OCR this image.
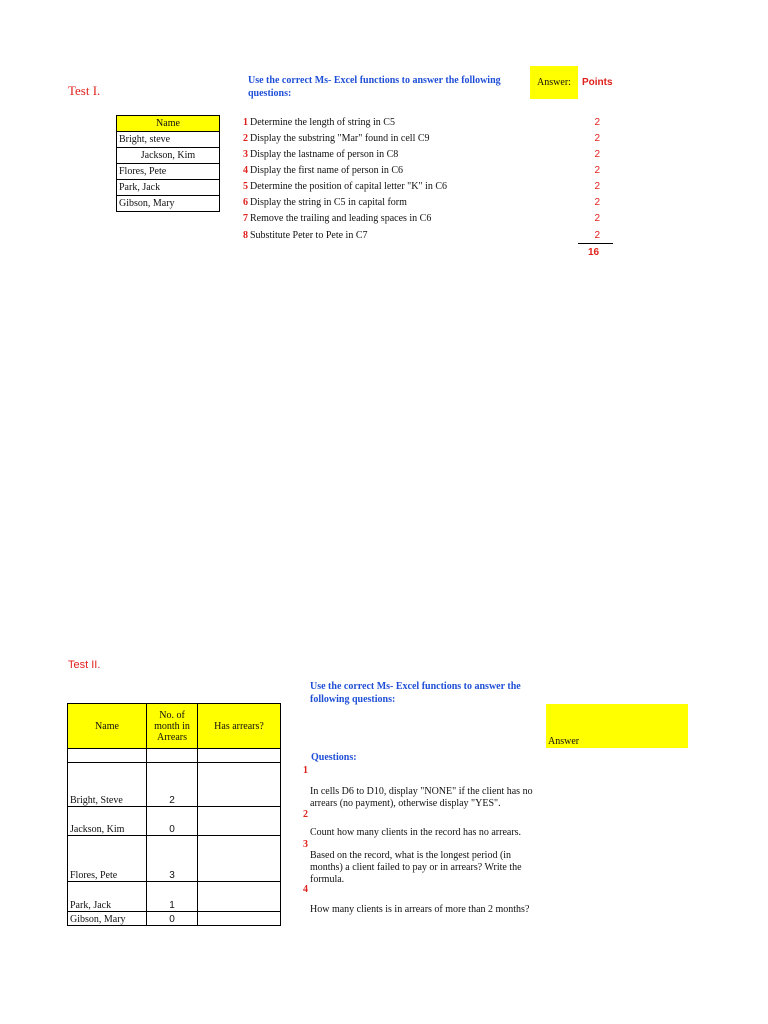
Test I.
Use the correct Ms- Excel functions to answer the following questions:
Answer:	Points
Name
Bright, steve
Jackson, Kim
Flores, Pete
Park, Jack
Gibson, Mary
1 Determine the length of string in C5	2
2 Display the substring "Mar" found in cell C9	2
3 Display the lastname of person in C8	2
4 Display the first name of person in C6	2
5 Determine the position of capital letter "K" in C6	2
6 Display the string in C5 in capital form	2
7 Remove the trailing and leading spaces in C6	2
8 Substitute Peter to Pete in C7	2
16
Test II.
Use the correct Ms- Excel functions to answer the following questions:
Answer
Name	No. of month in Arrears	Has arrears?

Bright, Steve	2	
Jackson, Kim	0	
Flores, Pete	3	
Park, Jack	1	
Gibson, Mary	0	
Questions:
1
In cells D6 to D10, display "NONE" if the client has no arrears (no payment), otherwise display "YES".
2
Count how many clients in the record has no arrears.
3
Based on the record, what is the longest period (in months) a client failed to pay or in arrears? Write the formula.
4
How many clients is in arrears of more than 2 months?
